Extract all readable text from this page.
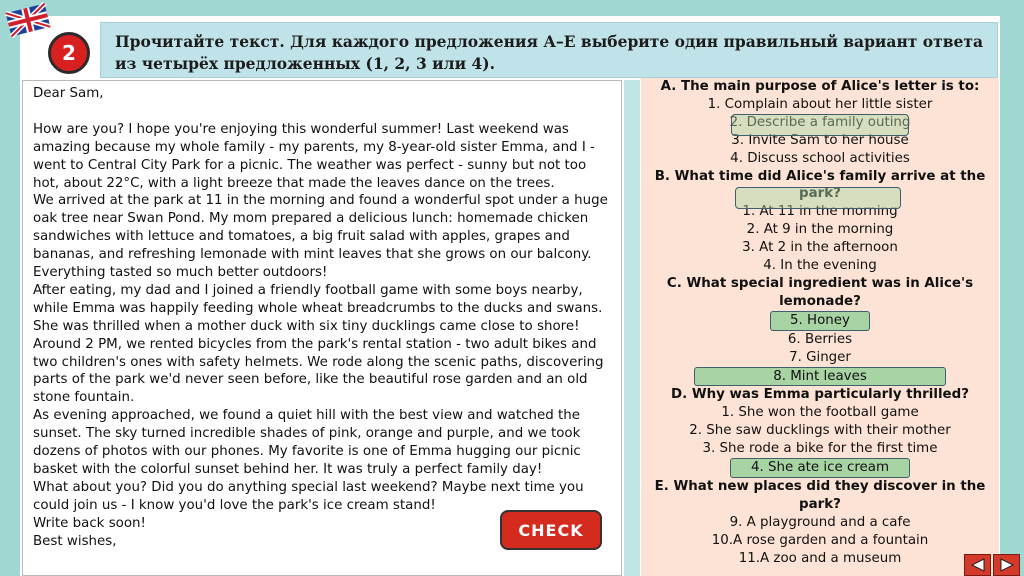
Прочитайте текст. Для каждого предложения А–Е выберите один правильный вариант ответа из четырёх предложенных (1, 2, 3 или 4).
2

Dear Sam,

How are you? I hope you're enjoying this wonderful summer! Last weekend was amazing because my whole family - my parents, my 8-year-old sister Emma, and I - went to Central City Park for a picnic. The weather was perfect - sunny but not too hot, about 22°C, with a light breeze that made the leaves dance on the trees.

We arrived at the park at 11 in the morning and found a wonderful spot under a huge oak tree near Swan Pond. My mom prepared a delicious lunch: homemade chicken sandwiches with lettuce and tomatoes, a big fruit salad with apples, grapes and bananas, and refreshing lemonade with mint leaves that she grows on our balcony. Everything tasted so much better outdoors!

After eating, my dad and I joined a friendly football game with some boys nearby, while Emma was happily feeding whole wheat breadcrumbs to the ducks and swans. She was thrilled when a mother duck with six tiny ducklings came close to shore! Around 2 PM, we rented bicycles from the park's rental station - two adult bikes and two children's ones with safety helmets. We rode along the scenic paths, discovering parts of the park we'd never seen before, like the beautiful rose garden and an old stone fountain.

As evening approached, we found a quiet hill with the best view and watched the sunset. The sky turned incredible shades of pink, orange and purple, and we took dozens of photos with our phones. My favorite is one of Emma hugging our picnic basket with the colorful sunset behind her. It was truly a perfect family day!

What about you? Did you do anything special last weekend? Maybe next time you could join us - I know you'd love the park's ice cream stand!

Write back soon!

Best wishes,

A. The main purpose of Alice's letter is to:
1. Complain about her little sister
2. Describe a family outing
3. Invite Sam to her house
4. Discuss school activities
B. What time did Alice's family arrive at the park?
1. At 11 in the morning
2. At 9 in the morning
3. At 2 in the afternoon
4. In the evening
C. What special ingredient was in Alice's lemonade?
5. Honey
6. Berries
7. Ginger
8. Mint leaves
D. Why was Emma particularly thrilled?
1. She won the football game
2. She saw ducklings with their mother
3. She rode a bike for the first time
4. She ate ice cream
E. What new places did they discover in the park?
9. A playground and a cafe
10.A rose garden and a fountain
11.A zoo and a museum
CHECK
